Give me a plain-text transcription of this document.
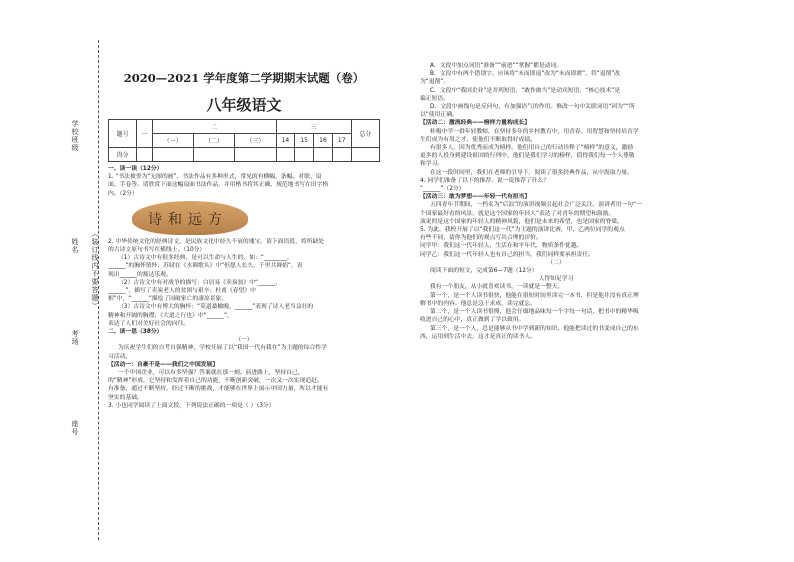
学校班级
姓名
考场
座号
（装订线内不要答题）
2020—2021 学年度第二学期期末试题（卷）
八年级语文
题号	一	二			三				总分
		（一）	（二）	（三）	14	15	16	17	
得分									
一、读一读（12分）
1. “书法被誉为“无图的画”，书法作品有多种形式，常见的有横幅、条幅、对联、扇
面、手卷等。请欣赏下面这幅扇面书法作品，并用楷书将其正确、规范地书写在田字格
内。（2分）
诗和远方
2. 中华传统文化的经典诗文，是民族文化中经久不衰的瑰宝。请下面语段，将所缺处
的古诗文原句书写在横线上。（10分）
（1）古诗文中有很多经典，是可以生命与人生的，如：“________，
______”的胸怀情怀；苏轼在《水调歌头》中“但愿人长久，千里共婵娟”，表
现出______的豁达乐观。
（2）古诗文中有对战争的描写：白居易《卖炭翁》中“______，
______”，描写了卖炭老人的贫困与艰辛；杜甫《春望》中
相”中，“______”描绘了国破家亡的凄凉景象。
（3）古诗文中有博大的胸怀：“莫道桑榆晚，______”表现了诗人老当益壮的
精神和开阔的胸襟；《大道之行也》中“______”，
表达了人们对美好社会的向往。
二、读一思（38分）
（一）
为庆祝学生们的自考自强精神，学校开展了以“我国一代有我在”为主题的综合性学
习活动。
【活动一：自豪不是——我们之中国发展】
一个中国企业，可以有多坚强？答案就在那一刻。前进路上，坚持自己，
的“精神”形成，它坚持和发挥着自己的功能，不断创新突破，一次又一次实现追赶。
有准备，通过不断坚持，经过不断的挑战，才能够在世界上展示中国力量，所以才能有
坚实的基础。
3. 小也同学阅读了上面文段，下列说法正确的一项是（ ）（3分）
A．文段中加点词语“准备”“前进”“掌握”都是动词。
B．文段中有两个错别字，应该将“末而即退”改为“末而即渡”，将“退削”改
为“退削”。
C．文段中“我国企业”是并列短语，“敢作敢当”是动宾短语，“核心技术”是
偏正短语。
D．文段中画线句是反问句，有加强语气的作用。修改一句中关联词语“因为”“所
以”使用正确。
【活动二：激流经典——榜样力量构成长】
桂梅中学一群年轻教师，在坚持多年的乡村教育中，用青春、用智慧和坚持培育学
生们成为有用之才，使他们不断取得好成绩。
有很多人，因为优秀而成为榜样。他们用自己的行动诠释了“榜样”的意义，激励
更多的人投身到建设祖国的行列中，他们是我们学习的榜样，值得我们每一个人尊敬
和学习。
在这一段时间里，我们在老师的引导下，阅读了很多经典作品，从中汲取力量。
4. 同学们准备了以下的推荐，说一说推荐了什么？
“______”（2分）
【活动三：敢为梦想——年轻一代有担当】
五四青年节期间，一档名为“后浪”的演讲视频引起社会广泛关注。演讲者用一句“一
个国家最好看的风景，就是这个国家的年轻人”表达了对青年的期望和鼓励。
演说的是这个国家的年轻人的精神风貌，他们是未来的希望，也是国家的脊梁。
5. 为此，我校开展了以“我们这一代”为主题的演讲比赛，甲、乙两位同学的观点
有些不同，请你为他们的观点写出合理的评价。
同学甲：我们这一代年轻人，生活在和平年代，物质条件优越。
同学乙：我们这一代年轻人也有自己的担当，我们同样要承担责任。
（二）
阅读下面的短文，完成第6—7题（12分）
人得知足学习
我有一个朋友，从小就喜欢读书，一读就是一整天。
第一个，是一个人读书很快，他能在很短时间里读完一本书，但是他并没有真正理
解书中的内容。他总是急于求成，读完就忘。
第二个，是一个人读书很慢，他会仔细地品味每一个字每一句话，把书中的精华吸
收进自己的心中，真正做到了学以致用。
第三个，是一个人，总是能够从书中学到新的知识，他能把读过的书变成自己的东
西，运用到生活中去，这才是真正的读书人。
